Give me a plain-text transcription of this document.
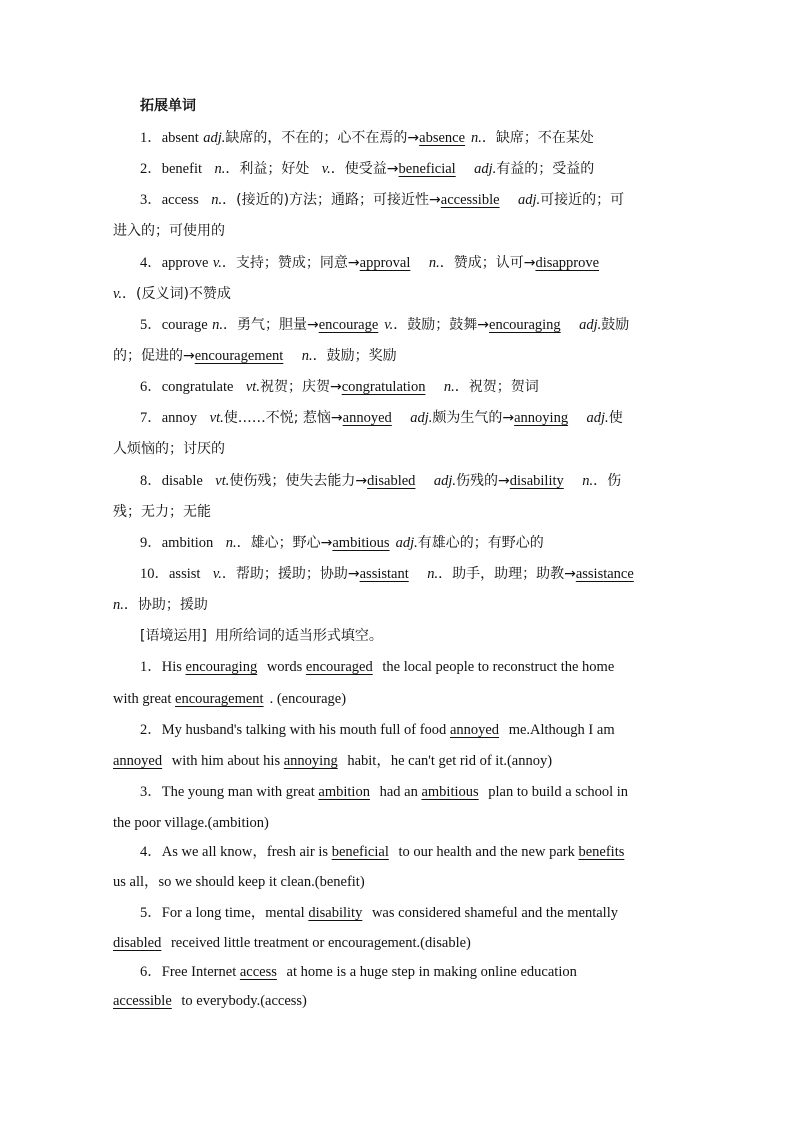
拓展单词
1．absent adj.缺席的，不在的；心不在焉的→absence n.．缺席；不在某处
2．benefit n.．利益；好处 v.．使受益→beneficial adj.有益的；受益的
3．access n.．(接近的)方法；通路；可接近性→accessible adj.可接近的；可
进入的；可使用的
4．approve v.．支持；赞成；同意→approval n.．赞成；认可→disapprove
v.．(反义词)不赞成
5．courage n.．勇气；胆量→encourage v.．鼓励；鼓舞→encouraging adj.鼓励
的；促进的→encouragement n.．鼓励；奖励
6．congratulate vt.祝贺；庆贺→congratulation n.．祝贺；贺词
7．annoy vt.使……不悦; 惹恼→annoyed adj.颇为生气的→annoying adj.使
人烦恼的；讨厌的
8．disable vt.使伤残；使失去能力→disabled adj.伤残的→disability n.．伤
残；无力；无能
9．ambition n.．雄心；野心→ambitious adj.有雄心的；有野心的
10．assist v.．帮助；援助；协助→assistant n.．助手，助理；助教→assistance
n.．协助；援助
[语境运用] 用所给词的适当形式填空。
1．His encouraging words encouraged the local people to reconstruct the home
with great encouragement . (encourage)
2．My husband's talking with his mouth full of food annoyed me.Although I am
annoyed with him about his annoying habit，he can't get rid of it.(annoy)
3．The young man with great ambition had an ambitious plan to build a school in
the poor village.(ambition)
4．As we all know，fresh air is beneficial to our health and the new park benefits
us all，so we should keep it clean.(benefit)
5．For a long time，mental disability was considered shameful and the mentally
disabled received little treatment or encouragement.(disable)
6．Free Internet access at home is a huge step in making online education
accessible to everybody.(access)
